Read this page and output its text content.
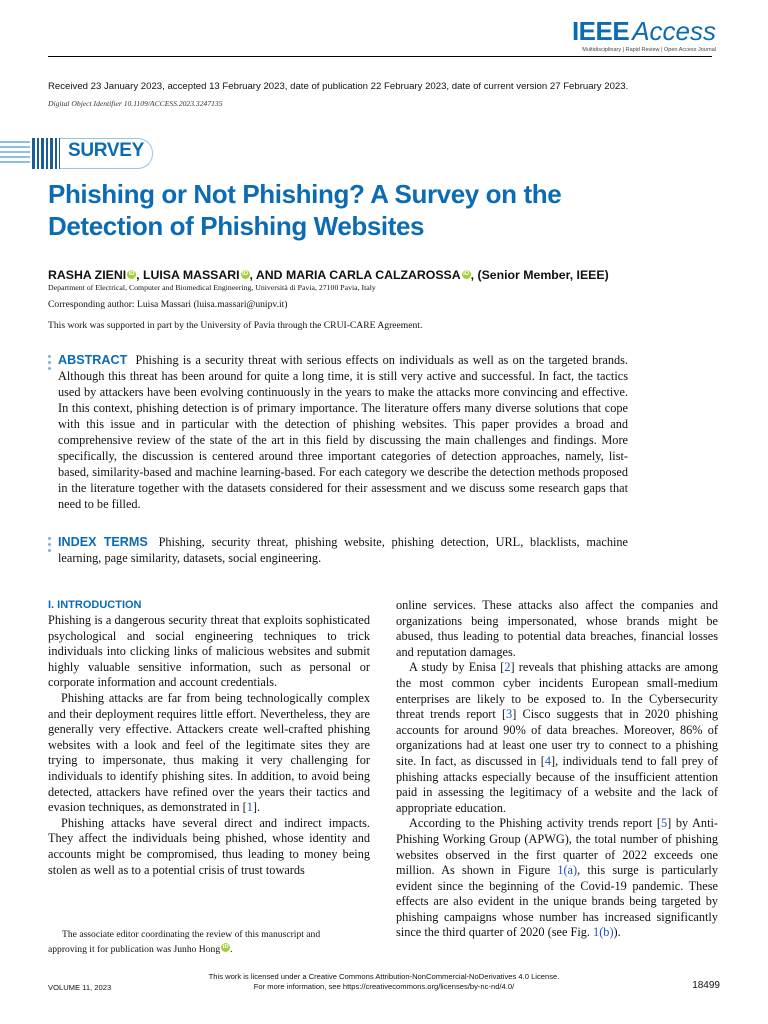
IEEE Access
Multidisciplinary | Rapid Review | Open Access Journal
Received 23 January 2023, accepted 13 February 2023, date of publication 22 February 2023, date of current version 27 February 2023.
Digital Object Identifier 10.1109/ACCESS.2023.3247135
SURVEY
Phishing or Not Phishing? A Survey on the
Detection of Phishing Websites
RASHA ZIENI iD , LUISA MASSARI iD , AND MARIA CARLA CALZAROSSA iD , (Senior Member, IEEE)
Department of Electrical, Computer and Biomedical Engineering, Università di Pavia, 27100 Pavia, Italy
Corresponding author: Luisa Massari (luisa.massari@unipv.it)
This work was supported in part by the University of Pavia through the CRUI-CARE Agreement.

ABSTRACT Phishing is a security threat with serious effects on individuals as well as on the targeted brands. Although this threat has been around for quite a long time, it is still very active and successful. In fact, the tactics used by attackers have been evolving continuously in the years to make the attacks more convincing and effective. In this context, phishing detection is of primary importance. The literature offers many diverse solutions that cope with this issue and in particular with the detection of phishing websites. This paper provides a broad and comprehensive review of the state of the art in this field by discussing the main challenges and findings. More specifically, the discussion is centered around three important categories of detection approaches, namely, list-based, similarity-based and machine learning-based. For each category we describe the detection methods proposed in the literature together with the datasets considered for their assessment and we discuss some research gaps that need to be filled.

INDEX TERMS Phishing, security threat, phishing website, phishing detection, URL, blacklists, machine learning, page similarity, datasets, social engineering.

I. INTRODUCTION

Phishing is a dangerous security threat that exploits sophisticated psychological and social engineering techniques to trick individuals into clicking links of malicious websites and submit highly valuable sensitive information, such as personal or corporate information and account credentials.

Phishing attacks are far from being technologically complex and their deployment requires little effort. Nevertheless, they are generally very effective. Attackers create well-crafted phishing websites with a look and feel of the legitimate sites they are trying to impersonate, thus making it very challenging for individuals to identify phishing sites. In addition, to avoid being detected, attackers have refined over the years their tactics and evasion techniques, as demonstrated in [1].

Phishing attacks have several direct and indirect impacts. They affect the individuals being phished, whose identity and accounts might be compromised, thus leading to money being stolen as well as to a potential crisis of trust towards

online services. These attacks also affect the companies and organizations being impersonated, whose brands might be abused, thus leading to potential data breaches, financial losses and reputation damages.

A study by Enisa [2] reveals that phishing attacks are among the most common cyber incidents European small-medium enterprises are likely to be exposed to. In the Cybersecurity threat trends report [3] Cisco suggests that in 2020 phishing accounts for around 90% of data breaches. Moreover, 86% of organizations had at least one user try to connect to a phishing site. In fact, as discussed in [4], individuals tend to fall prey of phishing attacks especially because of the insufficient attention paid in assessing the legitimacy of a website and the lack of appropriate education.

According to the Phishing activity trends report [5] by Anti-Phishing Working Group (APWG), the total number of phishing websites observed in the first quarter of 2022 exceeds one million. As shown in Figure 1(a), this surge is particularly evident since the beginning of the Covid-19 pandemic. These effects are also evident in the unique brands being targeted by phishing campaigns whose number has increased significantly since the third quarter of 2020 (see Fig. 1(b)).

The associate editor coordinating the review of this manuscript and
approving it for publication was Junho Hong iD .

This work is licensed under a Creative Commons Attribution-NonCommercial-NoDerivatives 4.0 License.
For more information, see https://creativecommons.org/licenses/by-nc-nd/4.0/
VOLUME 11, 2023	18499
